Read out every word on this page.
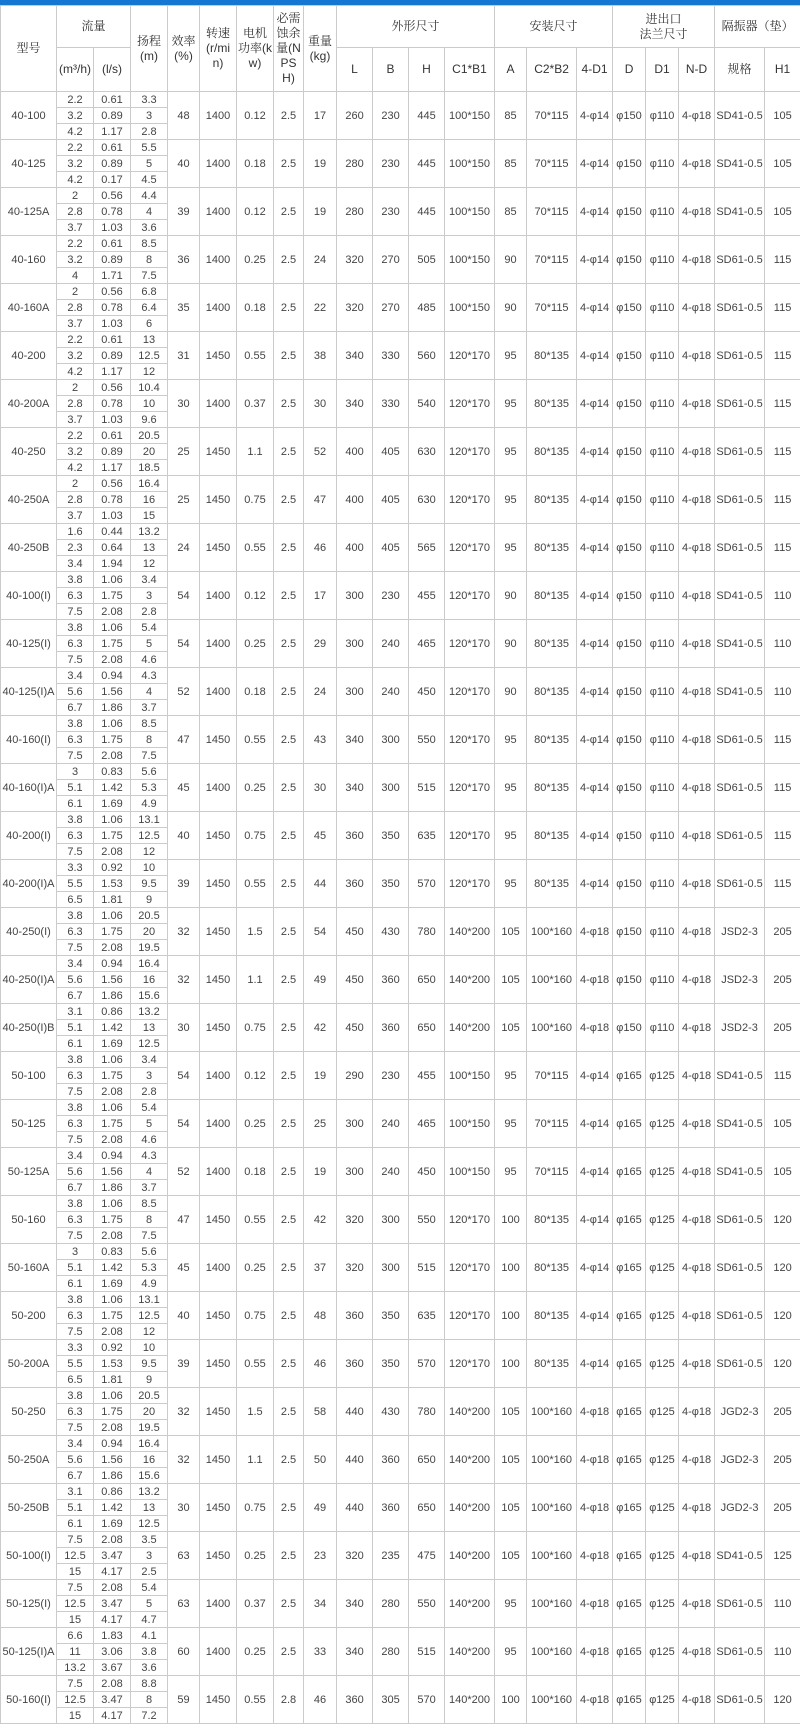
型号	流量		扬程(m)	效率(%)	转速(r/min)	电机功率(kw)	必需蚀余量(NPSH)	重量(kg)	外形尺寸				安装尺寸			进出口
法兰尺寸			隔振器（垫）	
	(m³/h)	(l/s)							L	B	H	C1*B1	A	C2*B2	4-D1	D	D1	N-D	规格	H1
40-100	2.2	0.61	3.3	48	1400	0.12	2.5	17	260	230	445	100*150	85	70*115	4-φ14	φ150	φ110	4-φ18	SD41-0.5	105
	3.2	0.89	3																	
	4.2	1.17	2.8																	
40-125	2.2	0.61	5.5	40	1400	0.18	2.5	19	280	230	445	100*150	85	70*115	4-φ14	φ150	φ110	4-φ18	SD41-0.5	105
	3.2	0.89	5																	
	4.2	0.17	4.5																	
40-125A	2	0.56	4.4	39	1400	0.12	2.5	19	280	230	445	100*150	85	70*115	4-φ14	φ150	φ110	4-φ18	SD41-0.5	105
	2.8	0.78	4																	
	3.7	1.03	3.6																	
40-160	2.2	0.61	8.5	36	1400	0.25	2.5	24	320	270	505	100*150	90	70*115	4-φ14	φ150	φ110	4-φ18	SD61-0.5	115
	3.2	0.89	8																	
	4	1.71	7.5																	
40-160A	2	0.56	6.8	35	1400	0.18	2.5	22	320	270	485	100*150	90	70*115	4-φ14	φ150	φ110	4-φ18	SD61-0.5	115
	2.8	0.78	6.4																	
	3.7	1.03	6																	
40-200	2.2	0.61	13	31	1450	0.55	2.5	38	340	330	560	120*170	95	80*135	4-φ14	φ150	φ110	4-φ18	SD61-0.5	115
	3.2	0.89	12.5																	
	4.2	1.17	12																	
40-200A	2	0.56	10.4	30	1400	0.37	2.5	30	340	330	540	120*170	95	80*135	4-φ14	φ150	φ110	4-φ18	SD61-0.5	115
	2.8	0.78	10																	
	3.7	1.03	9.6																	
40-250	2.2	0.61	20.5	25	1450	1.1	2.5	52	400	405	630	120*170	95	80*135	4-φ14	φ150	φ110	4-φ18	SD61-0.5	115
	3.2	0.89	20																	
	4.2	1.17	18.5																	
40-250A	2	0.56	16.4	25	1450	0.75	2.5	47	400	405	630	120*170	95	80*135	4-φ14	φ150	φ110	4-φ18	SD61-0.5	115
	2.8	0.78	16																	
	3.7	1.03	15																	
40-250B	1.6	0.44	13.2	24	1450	0.55	2.5	46	400	405	565	120*170	95	80*135	4-φ14	φ150	φ110	4-φ18	SD61-0.5	115
	2.3	0.64	13																	
	3.4	1.94	12																	
40-100(I)	3.8	1.06	3.4	54	1400	0.12	2.5	17	300	230	455	120*170	90	80*135	4-φ14	φ150	φ110	4-φ18	SD41-0.5	110
	6.3	1.75	3																	
	7.5	2.08	2.8																	
40-125(I)	3.8	1.06	5.4	54	1400	0.25	2.5	29	300	240	465	120*170	90	80*135	4-φ14	φ150	φ110	4-φ18	SD41-0.5	110
	6.3	1.75	5																	
	7.5	2.08	4.6																	
40-125(I)A	3.4	0.94	4.3	52	1400	0.18	2.5	24	300	240	450	120*170	90	80*135	4-φ14	φ150	φ110	4-φ18	SD41-0.5	110
	5.6	1.56	4																	
	6.7	1.86	3.7																	
40-160(I)	3.8	1.06	8.5	47	1450	0.55	2.5	43	340	300	550	120*170	95	80*135	4-φ14	φ150	φ110	4-φ18	SD61-0.5	115
	6.3	1.75	8																	
	7.5	2.08	7.5																	
40-160(I)A	3	0.83	5.6	45	1400	0.25	2.5	30	340	300	515	120*170	95	80*135	4-φ14	φ150	φ110	4-φ18	SD61-0.5	115
	5.1	1.42	5.3																	
	6.1	1.69	4.9																	
40-200(I)	3.8	1.06	13.1	40	1450	0.75	2.5	45	360	350	635	120*170	95	80*135	4-φ14	φ150	φ110	4-φ18	SD61-0.5	115
	6.3	1.75	12.5																	
	7.5	2.08	12																	
40-200(I)A	3.3	0.92	10	39	1450	0.55	2.5	44	360	350	570	120*170	95	80*135	4-φ14	φ150	φ110	4-φ18	SD61-0.5	115
	5.5	1.53	9.5																	
	6.5	1.81	9																	
40-250(I)	3.8	1.06	20.5	32	1450	1.5	2.5	54	450	430	780	140*200	105	100*160	4-φ18	φ150	φ110	4-φ18	JSD2-3	205
	6.3	1.75	20																	
	7.5	2.08	19.5																	
40-250(I)A	3.4	0.94	16.4	32	1450	1.1	2.5	49	450	360	650	140*200	105	100*160	4-φ18	φ150	φ110	4-φ18	JSD2-3	205
	5.6	1.56	16																	
	6.7	1.86	15.6																	
40-250(I)B	3.1	0.86	13.2	30	1450	0.75	2.5	42	450	360	650	140*200	105	100*160	4-φ18	φ150	φ110	4-φ18	JSD2-3	205
	5.1	1.42	13																	
	6.1	1.69	12.5																	
50-100	3.8	1.06	3.4	54	1400	0.12	2.5	19	290	230	455	100*150	95	70*115	4-φ14	φ165	φ125	4-φ18	SD41-0.5	115
	6.3	1.75	3																	
	7.5	2.08	2.8																	
50-125	3.8	1.06	5.4	54	1400	0.25	2.5	25	300	240	465	100*150	95	70*115	4-φ14	φ165	φ125	4-φ18	SD41-0.5	105
	6.3	1.75	5																	
	7.5	2.08	4.6																	
50-125A	3.4	0.94	4.3	52	1400	0.18	2.5	19	300	240	450	100*150	95	70*115	4-φ14	φ165	φ125	4-φ18	SD41-0.5	105
	5.6	1.56	4																	
	6.7	1.86	3.7																	
50-160	3.8	1.06	8.5	47	1450	0.55	2.5	42	320	300	550	120*170	100	80*135	4-φ14	φ165	φ125	4-φ18	SD61-0.5	120
	6.3	1.75	8																	
	7.5	2.08	7.5																	
50-160A	3	0.83	5.6	45	1400	0.25	2.5	37	320	300	515	120*170	100	80*135	4-φ14	φ165	φ125	4-φ18	SD61-0.5	120
	5.1	1.42	5.3																	
	6.1	1.69	4.9																	
50-200	3.8	1.06	13.1	40	1450	0.75	2.5	48	360	350	635	120*170	100	80*135	4-φ14	φ165	φ125	4-φ18	SD61-0.5	120
	6.3	1.75	12.5																	
	7.5	2.08	12																	
50-200A	3.3	0.92	10	39	1450	0.55	2.5	46	360	350	570	120*170	100	80*135	4-φ14	φ165	φ125	4-φ18	SD61-0.5	120
	5.5	1.53	9.5																	
	6.5	1.81	9																	
50-250	3.8	1.06	20.5	32	1450	1.5	2.5	58	440	430	780	140*200	105	100*160	4-φ18	φ165	φ125	4-φ18	JGD2-3	205
	6.3	1.75	20																	
	7.5	2.08	19.5																	
50-250A	3.4	0.94	16.4	32	1450	1.1	2.5	50	440	360	650	140*200	105	100*160	4-φ18	φ165	φ125	4-φ18	JGD2-3	205
	5.6	1.56	16																	
	6.7	1.86	15.6																	
50-250B	3.1	0.86	13.2	30	1450	0.75	2.5	49	440	360	650	140*200	105	100*160	4-φ18	φ165	φ125	4-φ18	JGD2-3	205
	5.1	1.42	13																	
	6.1	1.69	12.5																	
50-100(I)	7.5	2.08	3.5	63	1450	0.25	2.5	23	320	235	475	140*200	105	100*160	4-φ18	φ165	φ125	4-φ18	SD41-0.5	125
	12.5	3.47	3																	
	15	4.17	2.5																	
50-125(I)	7.5	2.08	5.4	63	1400	0.37	2.5	34	340	280	550	140*200	95	100*160	4-φ18	φ165	φ125	4-φ18	SD61-0.5	110
	12.5	3.47	5																	
	15	4.17	4.7																	
50-125(I)A	6.6	1.83	4.1	60	1400	0.25	2.5	33	340	280	515	140*200	95	100*160	4-φ18	φ165	φ125	4-φ18	SD61-0.5	110
	11	3.06	3.8																	
	13.2	3.67	3.6																	
50-160(I)	7.5	2.08	8.8	59	1450	0.55	2.8	46	360	305	570	140*200	100	100*160	4-φ18	φ165	φ125	4-φ18	SD61-0.5	120
	12.5	3.47	8																	
	15	4.17	7.2																	
